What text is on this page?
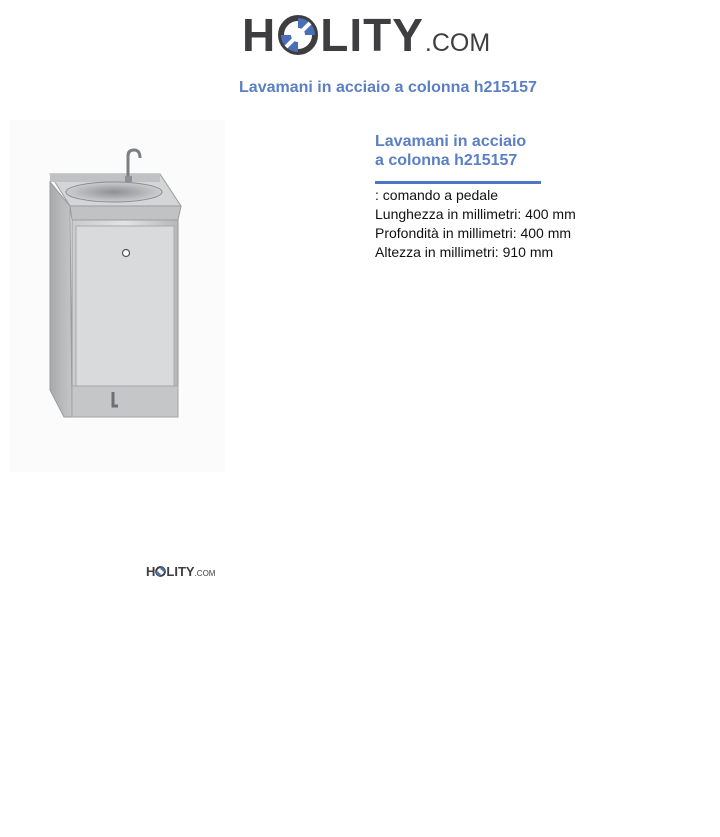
H LITY .COM
Lavamani in acciaio a colonna h215157
H LITY .COM
Lavamani in acciaio
a colonna h215157
: comando a pedale
Lunghezza in millimetri: 400 mm
Profondità in millimetri: 400 mm
Altezza in millimetri: 910 mm
